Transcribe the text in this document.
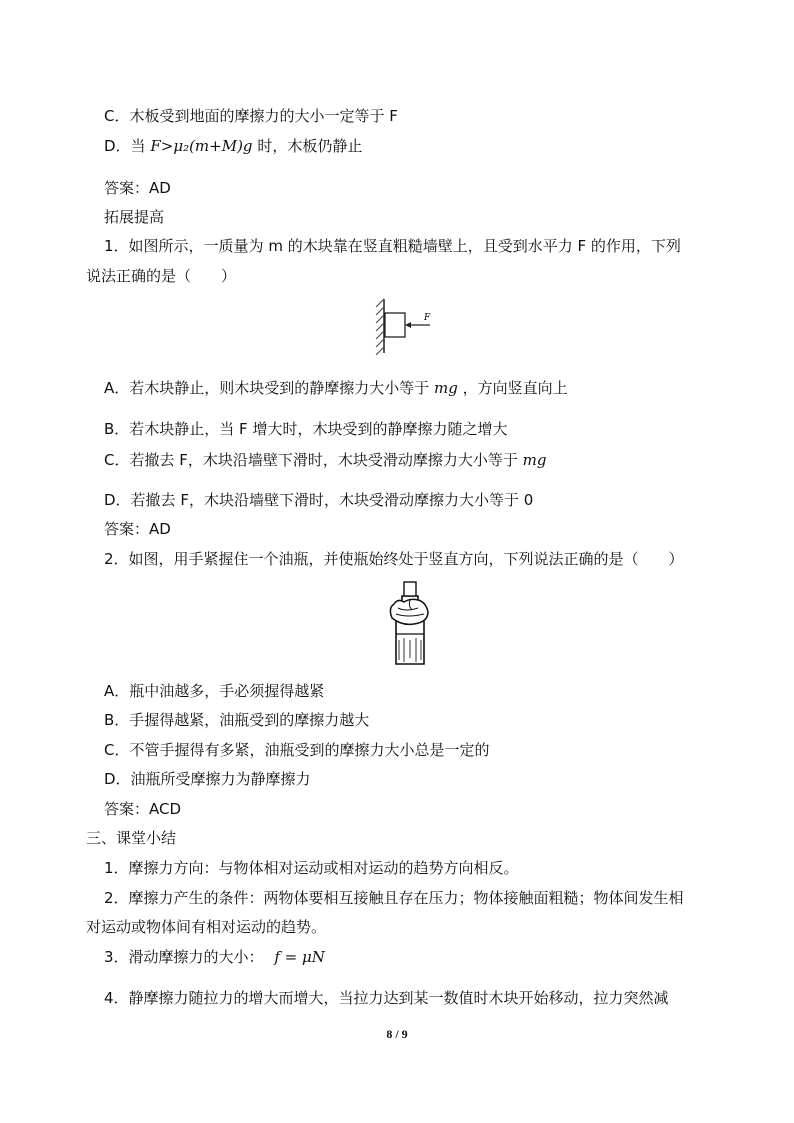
C．木板受到地面的摩擦力的大小一定等于 F
D．当 F>μ₂(m+M)g 时，木板仍静止
答案：AD
拓展提高
1．如图所示，一质量为 m 的木块靠在竖直粗糙墙壁上，且受到水平力 F 的作用，下列
说法正确的是（　　）
F
A．若木块静止，则木块受到的静摩擦力大小等于 mg ，方向竖直向上
B．若木块静止，当 F 增大时，木块受到的静摩擦力随之增大
C．若撤去 F，木块沿墙壁下滑时，木块受滑动摩擦力大小等于 mg
D．若撤去 F，木块沿墙壁下滑时，木块受滑动摩擦力大小等于 0
答案：AD
2．如图，用手紧握住一个油瓶，并使瓶始终处于竖直方向，下列说法正确的是（　　）
A．瓶中油越多，手必须握得越紧
B．手握得越紧，油瓶受到的摩擦力越大
C．不管手握得有多紧，油瓶受到的摩擦力大小总是一定的
D．油瓶所受摩擦力为静摩擦力
答案：ACD
三、课堂小结
1．摩擦力方向：与物体相对运动或相对运动的趋势方向相反。
2．摩擦力产生的条件：两物体要相互接触且存在压力；物体接触面粗糙；物体间发生相
对运动或物体间有相对运动的趋势。
3．滑动摩擦力的大小： f = μN
4．静摩擦力随拉力的增大而增大，当拉力达到某一数值时木块开始移动，拉力突然减
8 / 9
